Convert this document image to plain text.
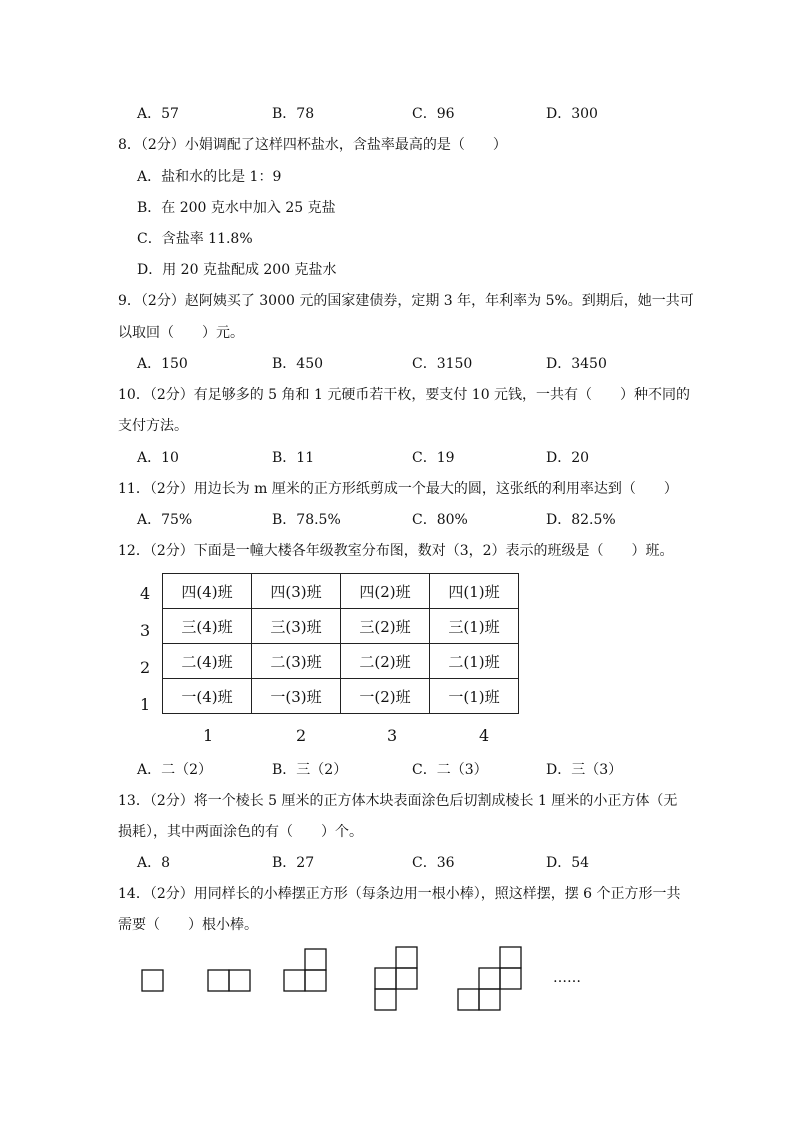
A．57	B．78	C．96	D．300
8．（2分）小娟调配了这样四杯盐水，含盐率最高的是（　　）
A．盐和水的比是 1：9
B．在 200 克水中加入 25 克盐
C．含盐率 11.8%
D．用 20 克盐配成 200 克盐水
9．（2分）赵阿姨买了 3000 元的国家建债券，定期 3 年，年利率为 5%。到期后，她一共可
以取回（　　）元。
A．150	B．450	C．3150	D．3450
10．（2分）有足够多的 5 角和 1 元硬币若干枚，要支付 10 元钱，一共有（　　）种不同的
支付方法。
A．10	B．11	C．19	D．20
11．（2分）用边长为 m 厘米的正方形纸剪成一个最大的圆，这张纸的利用率达到（　　）
A．75%	B．78.5%	C．80%	D．82.5%
12．（2分）下面是一幢大楼各年级教室分布图，数对（3，2）表示的班级是（　　）班。
4
3
2
1
四(4)班	四(3)班	四(2)班	四(1)班
三(4)班	三(3)班	三(2)班	三(1)班
二(4)班	二(3)班	二(2)班	二(1)班
一(4)班	一(3)班	一(2)班	一(1)班
1	2	3	4
A．二（2）	B．三（2）	C．二（3）	D．三（3）
13．（2分）将一个棱长 5 厘米的正方体木块表面涂色后切割成棱长 1 厘米的小正方体（无
损耗），其中两面涂色的有（　　）个。
A．8	B．27	C．36	D．54
14．（2分）用同样长的小棒摆正方形（每条边用一根小棒），照这样摆，摆 6 个正方形一共
需要（　　）根小棒。
……
